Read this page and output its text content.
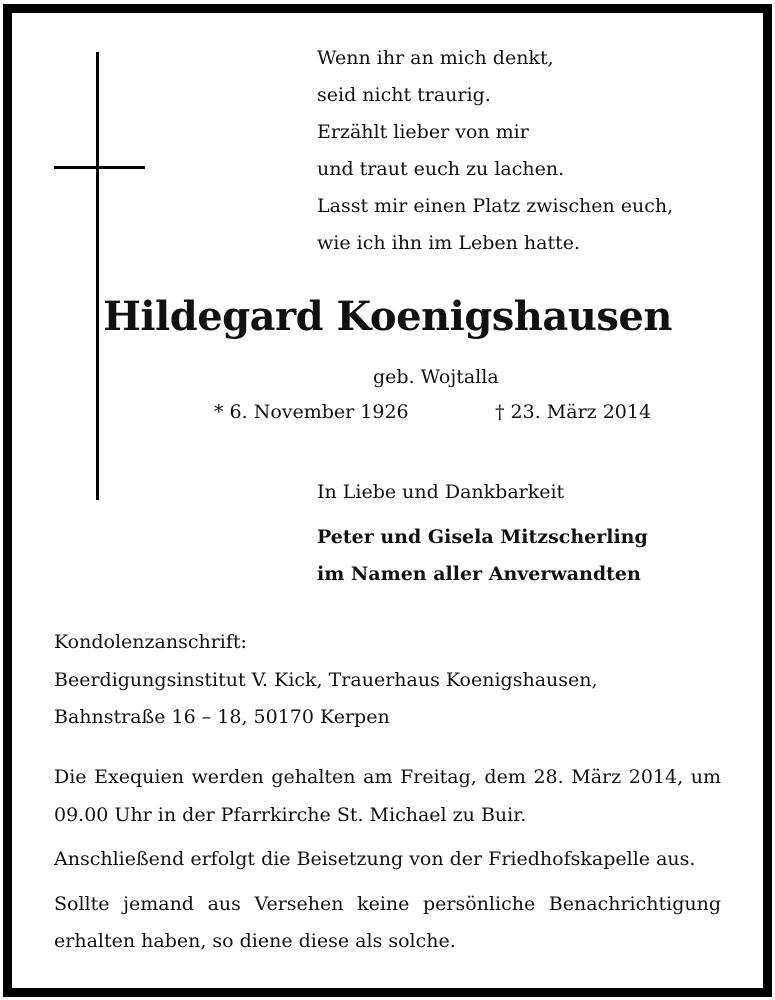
Wenn ihr an mich denkt,
seid nicht traurig.
Erzählt lieber von mir
und traut euch zu lachen.
Lasst mir einen Platz zwischen euch,
wie ich ihn im Leben hatte.
Hildegard Koenigshausen
geb. Wojtalla
* 6. November 1926	† 23. März 2014
In Liebe und Dankbarkeit
Peter und Gisela Mitzscherling
im Namen aller Anverwandten
Kondolenzanschrift:
Beerdigungsinstitut V. Kick, Trauerhaus Koenigshausen,
Bahnstraße 16 – 18, 50170 Kerpen
Die Exequien werden gehalten am Freitag, dem 28. März 2014, um
09.00 Uhr in der Pfarrkirche St. Michael zu Buir.
Anschließend erfolgt die Beisetzung von der Friedhofskapelle aus.
Sollte jemand aus Versehen keine persönliche Benachrichtigung
erhalten haben, so diene diese als solche.
